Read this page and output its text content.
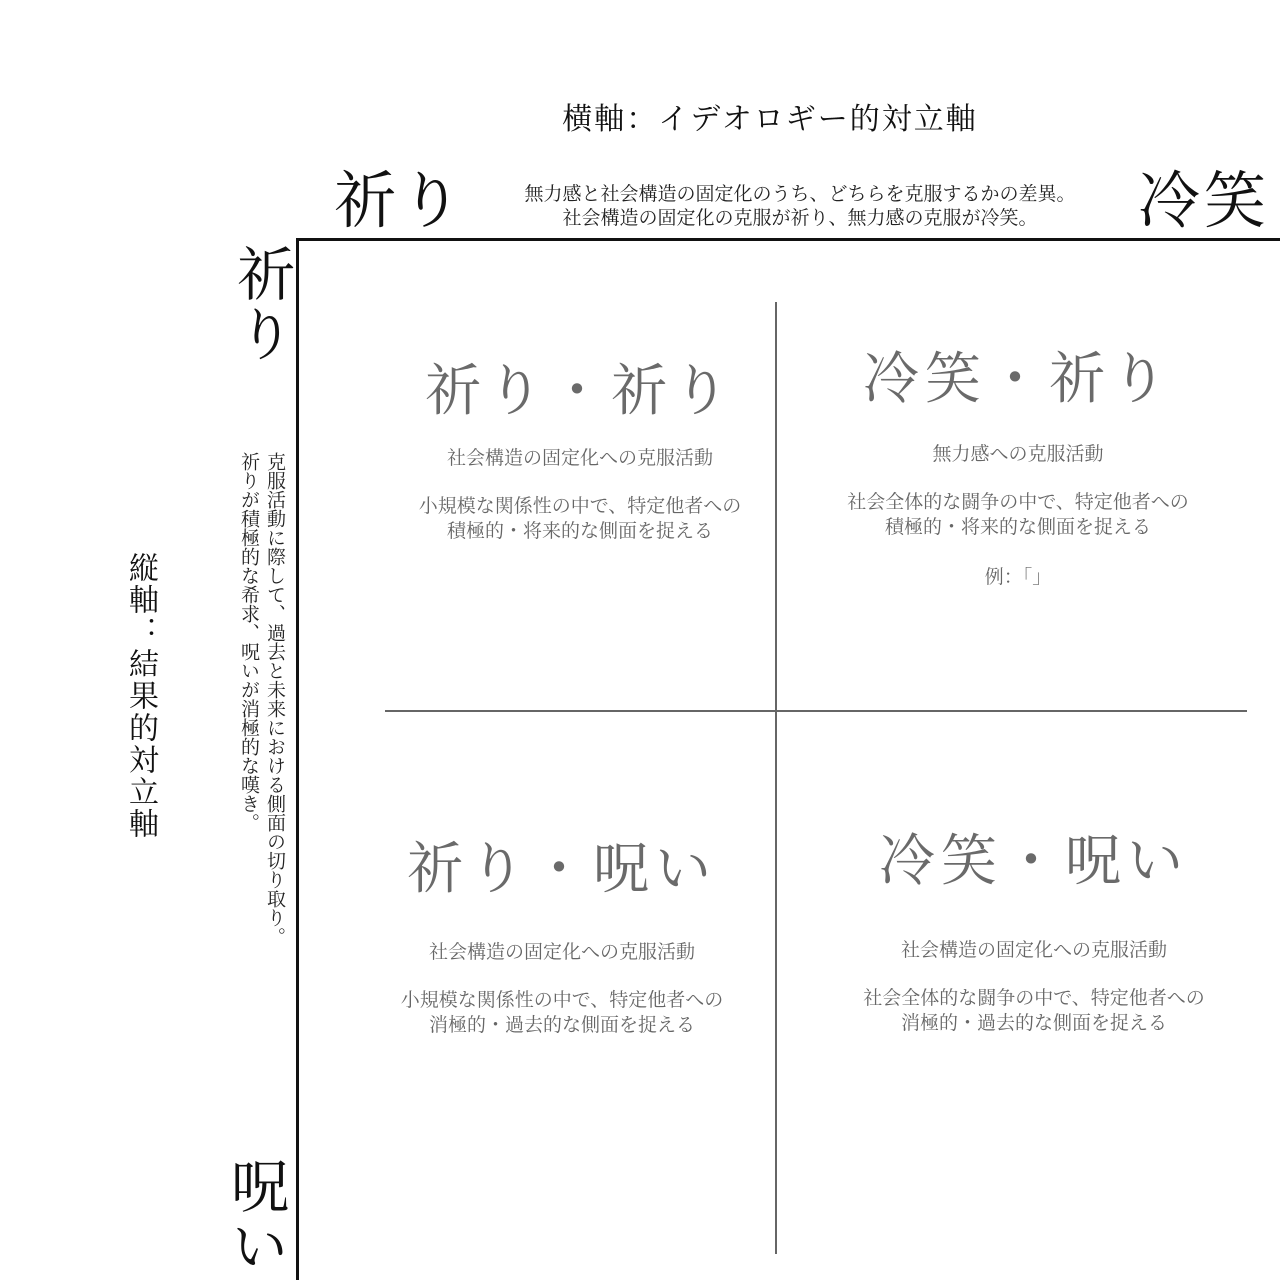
横軸：イデオロギー的対立軸
祈り	無力感と社会構造の固定化のうち、どちらを克服するかの差異。
社会構造の固定化の克服が祈り、無力感の克服が冷笑。	冷笑
祈り
呪い
克服活動に際して、過去と未来における側面の切り取り。
祈りが積極的な希求、呪いが消極的な嘆き。
縦軸：結果的対立軸
祈り・祈り
社会構造の固定化への克服活動
小規模な関係性の中で、特定他者への
積極的・将来的な側面を捉える
冷笑・祈り
無力感への克服活動
社会全体的な闘争の中で、特定他者への
積極的・将来的な側面を捉える
例：「」
祈り・呪い
社会構造の固定化への克服活動
小規模な関係性の中で、特定他者への
消極的・過去的な側面を捉える
冷笑・呪い
社会構造の固定化への克服活動
社会全体的な闘争の中で、特定他者への
消極的・過去的な側面を捉える
